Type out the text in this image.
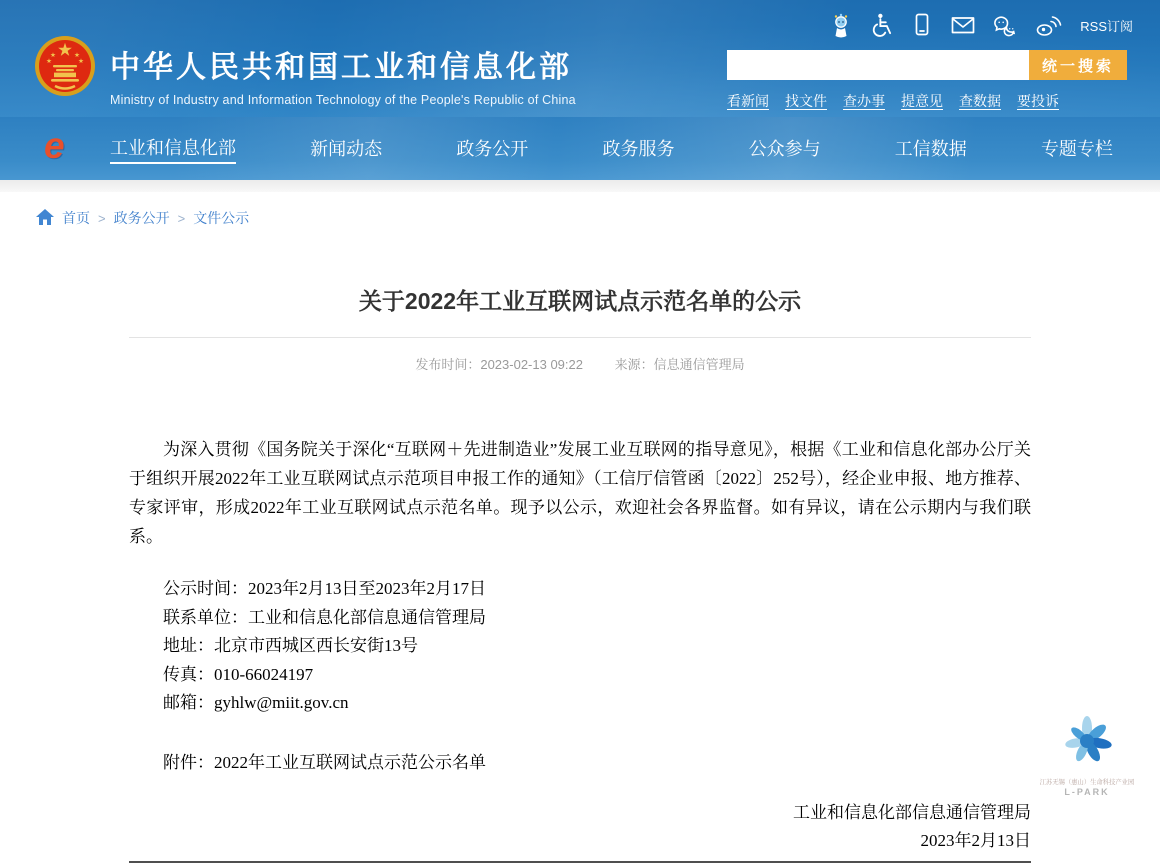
中华人民共和国工业和信息化部
Ministry of Industry and Information Technology of the People's Republic of China
RSS订阅
统一搜索
看新闻 找文件 查办事 提意见 查数据 要投诉
e	工业和信息化部	新闻动态	政务公开	政务服务	公众参与	工信数据	专题专栏
首页 > 政务公开 > 文件公示
关于2022年工业互联网试点示范名单的公示
发布时间：2023-02-13 09:22 来源：信息通信管理局

为深入贯彻《国务院关于深化“互联网＋先进制造业”发展工业互联网的指导意见》，根据《工业和信息化部办公厅关于组织开展2022年工业互联网试点示范项目申报工作的通知》（工信厅信管函〔2022〕252号），经企业申报、地方推荐、专家评审，形成2022年工业互联网试点示范名单。现予以公示，欢迎社会各界监督。如有异议，请在公示期内与我们联系。

公示时间：2023年2月13日至2023年2月17日
联系单位：工业和信息化部信息通信管理局
地址：北京市西城区西长安街13号
传真：010-66024197
邮箱：gyhlw@miit.gov.cn
附件：2022年工业互联网试点示范公示名单
工业和信息化部信息通信管理局
2023年2月13日
江苏无锡（惠山）生命科技产业园
L-PARK
